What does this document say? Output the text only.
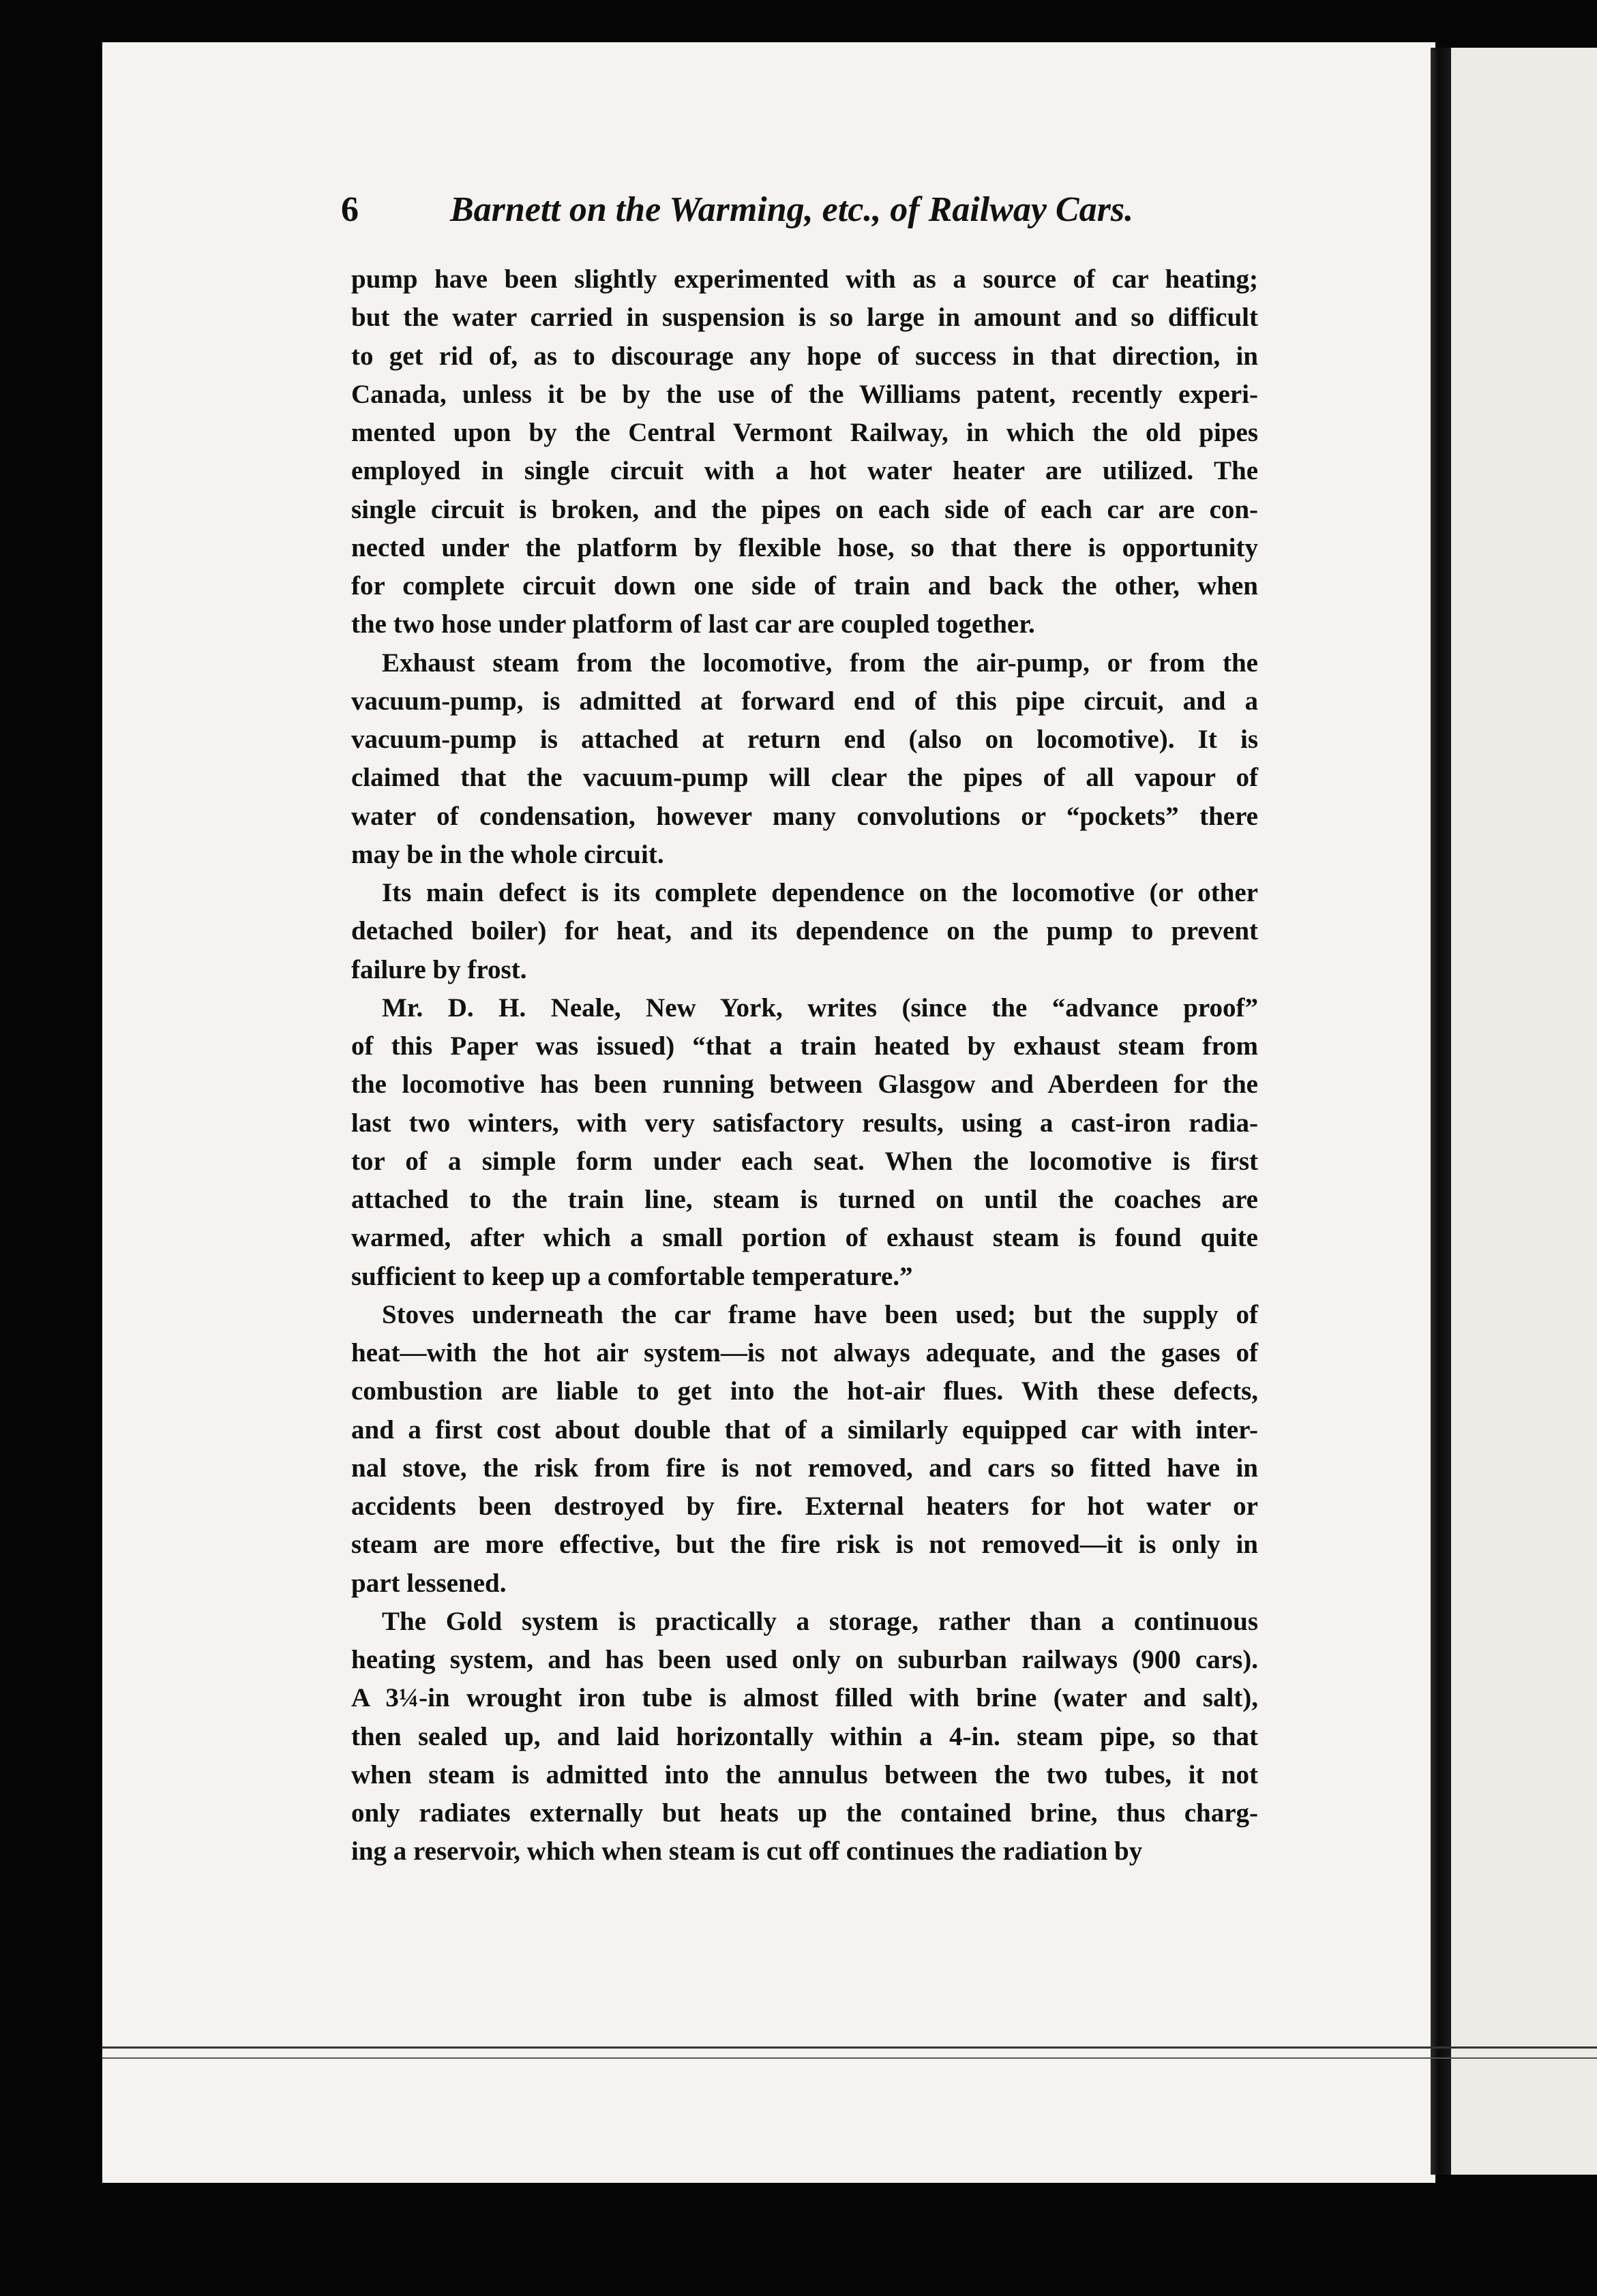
6	Barnett on the Warming, etc., of Railway Cars.

pump have been slightly experimented with as a source of car heating;

but the water carried in suspension is so large in amount and so difficult

to get rid of, as to discourage any hope of success in that direction, in

Canada, unless it be by the use of the Williams patent, recently experi-

mented upon by the Central Vermont Railway, in which the old pipes

employed in single circuit with a hot water heater are utilized. The

single circuit is broken, and the pipes on each side of each car are con-

nected under the platform by flexible hose, so that there is opportunity

for complete circuit down one side of train and back the other, when

the two hose under platform of last car are coupled together.

Exhaust steam from the locomotive, from the air-pump, or from the

vacuum-pump, is admitted at forward end of this pipe circuit, and a

vacuum-pump is attached at return end (also on locomotive). It is

claimed that the vacuum-pump will clear the pipes of all vapour of

water of condensation, however many convolutions or “pockets” there

may be in the whole circuit.

Its main defect is its complete dependence on the locomotive (or other

detached boiler) for heat, and its dependence on the pump to prevent

failure by frost.

Mr. D. H. Neale, New York, writes (since the “advance proof”

of this Paper was issued) “that a train heated by exhaust steam from

the locomotive has been running between Glasgow and Aberdeen for the

last two winters, with very satisfactory results, using a cast-iron radia-

tor of a simple form under each seat. When the locomotive is first

attached to the train line, steam is turned on until the coaches are

warmed, after which a small portion of exhaust steam is found quite

sufficient to keep up a comfortable temperature.”

Stoves underneath the car frame have been used; but the supply of

heat—with the hot air system—is not always adequate, and the gases of

combustion are liable to get into the hot-air flues. With these defects,

and a first cost about double that of a similarly equipped car with inter-

nal stove, the risk from fire is not removed, and cars so fitted have in

accidents been destroyed by fire. External heaters for hot water or

steam are more effective, but the fire risk is not removed—it is only in

part lessened.

The Gold system is practically a storage, rather than a continuous

heating system, and has been used only on suburban railways (900 cars).

A 3¼-in wrought iron tube is almost filled with brine (water and salt),

then sealed up, and laid horizontally within a 4-in. steam pipe, so that

when steam is admitted into the annulus between the two tubes, it not

only radiates externally but heats up the contained brine, thus charg-

ing a reservoir, which when steam is cut off continues the radiation by
